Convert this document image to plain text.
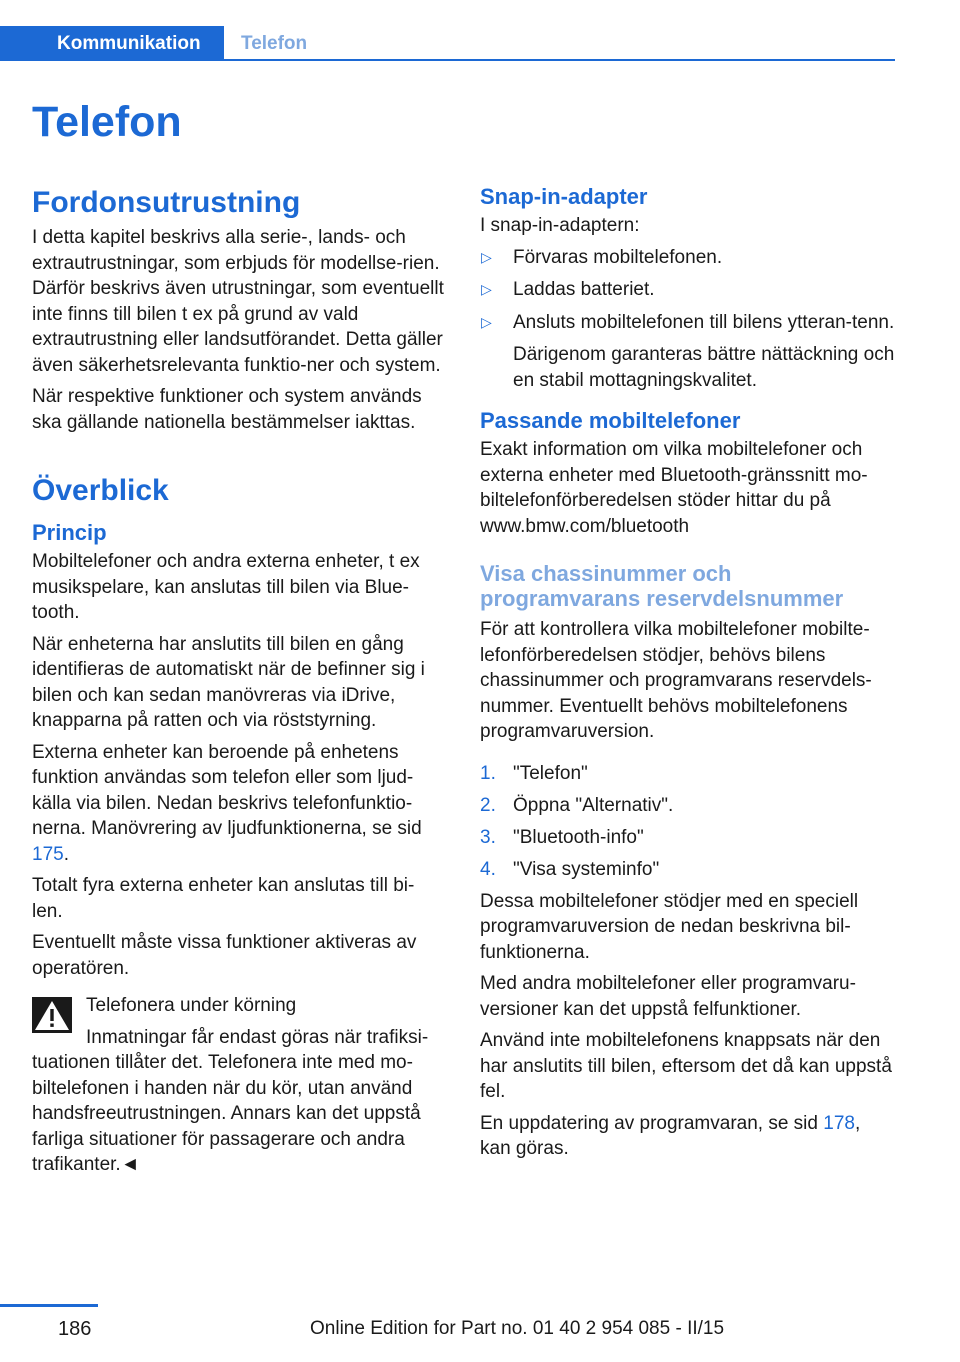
Kommunikation	Telefon
Telefon
Fordonsutrustning

I detta kapitel beskrivs alla serie-, lands- och extrautrustningar, som erbjuds för modellse-rien. Därför beskrivs även utrustningar, som eventuellt inte finns till bilen t ex på grund av vald extrautrustning eller landsutförandet. Detta gäller även säkerhetsrelevanta funktio-ner och system.

När respektive funktioner och system används ska gällande nationella bestämmelser iakttas.

Överblick
Princip

Mobiltelefoner och andra externa enheter, t ex musikspelare, kan anslutas till bilen via Blue-tooth.

När enheterna har anslutits till bilen en gång identifieras de automatiskt när de befinner sig i bilen och kan sedan manövreras via iDrive, knapparna på ratten och via röststyrning.

Externa enheter kan beroende på enhetens funktion användas som telefon eller som ljud-källa via bilen. Nedan beskrivs telefonfunktio-nerna. Manövrering av ljudfunktionerna, se sid 175.

Totalt fyra externa enheter kan anslutas till bi-len.

Eventuellt måste vissa funktioner aktiveras av operatören.

Telefonera under körning
Inmatningar får endast göras när trafiksi-
tuationen tillåter det. Telefonera inte med mo-biltelefonen i handen när du kör, utan använd handsfreeutrustningen. Annars kan det uppstå farliga situationer för passagerare och andra trafikanter.◄
Snap-in-adapter

I snap-in-adaptern:

▷ Förvaras mobiltelefonen.
▷ Laddas batteriet.
▷ Ansluts mobiltelefonen till bilens ytteran-tenn.
Därigenom garanteras bättre nättäckning och en stabil mottagningskvalitet.
Passande mobiltelefoner

Exakt information om vilka mobiltelefoner och externa enheter med Bluetooth-gränssnitt mo-biltelefonförberedelsen stöder hittar du på www.bmw.com/bluetooth

Visa chassinummer och programvarans reservdelsnummer

För att kontrollera vilka mobiltelefoner mobilte-lefonförberedelsen stödjer, behövs bilens chassinummer och programvarans reservdels-nummer. Eventuellt behövs mobiltelefonens programvaruversion.

1. "Telefon"
2. Öppna "Alternativ".
3. "Bluetooth-info"
4. "Visa systeminfo"

Dessa mobiltelefoner stödjer med en speciell programvaruversion de nedan beskrivna bil-funktionerna.

Med andra mobiltelefoner eller programvaru-versioner kan det uppstå felfunktioner.

Använd inte mobiltelefonens knappsats när den har anslutits till bilen, eftersom det då kan uppstå fel.

En uppdatering av programvaran, se sid 178, kan göras.

186	Online Edition for Part no. 01 40 2 954 085 - II/15
